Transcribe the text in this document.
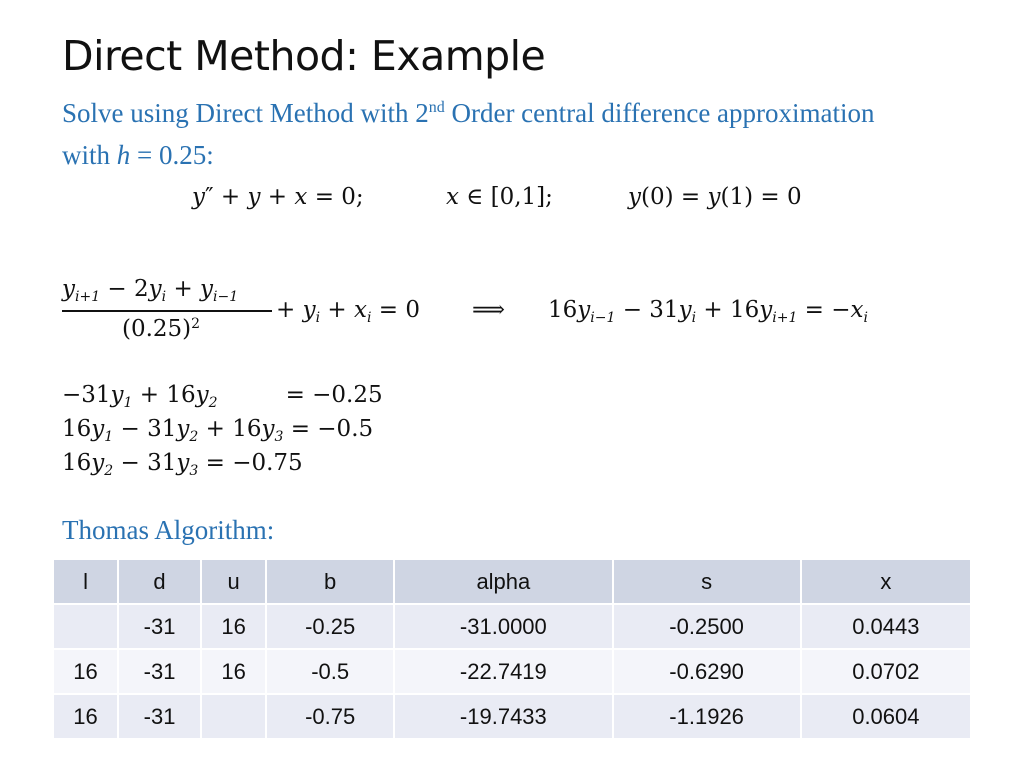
Direct Method: Example
Solve using Direct Method with 2nd Order central difference approximation
with h = 0.25:
y″ + y + x = 0;	x ∈ [0,1];	y(0) = y(1) = 0
$y_{i+1} - 2y_i + y_{i-1}$
$(0.25)^2$
+ $y_i + x_i = 0$ ⟹ $16y_{i-1} - 31y_i + 16y_{i+1} = -x_i$
$-31y_1 + 16y_2$	= −0.25
$16y_1 - 31y_2 + 16y_3 = -0.5$
$16y_2 - 31y_3 = -0.75$
Thomas Algorithm:
l	d	u	b	alpha	s	x
	-31	16	-0.25	-31.0000	-0.2500	0.0443
16	-31	16	-0.5	-22.7419	-0.6290	0.0702
16	-31		-0.75	-19.7433	-1.1926	0.0604
